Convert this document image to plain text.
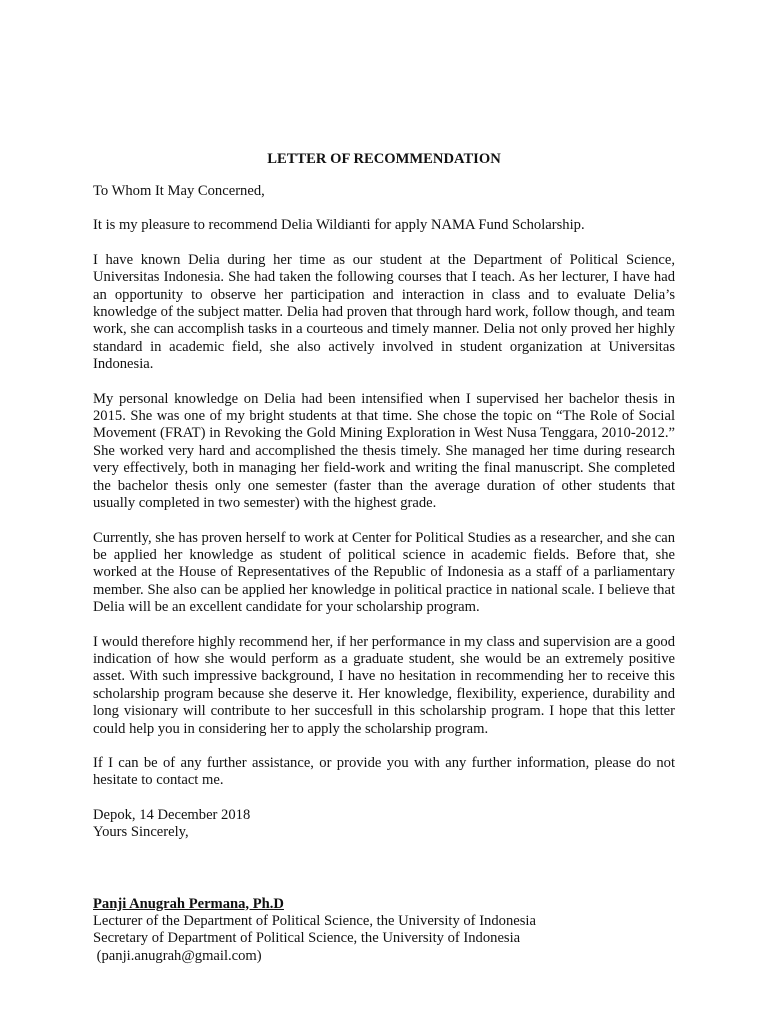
LETTER OF RECOMMENDATION
To Whom It May Concerned,
It is my pleasure to recommend Delia Wildianti for apply NAMA Fund Scholarship.
I have known Delia during her time as our student at the Department of Political Science, Universitas Indonesia. She had taken the following courses that I teach. As her lecturer, I have had an opportunity to observe her participation and interaction in class and to evaluate Delia’s knowledge of the subject matter. Delia had proven that through hard work, follow though, and team work, she can accomplish tasks in a courteous and timely manner. Delia not only proved her highly standard in academic field, she also actively involved in student organization at Universitas Indonesia.
My personal knowledge on Delia had been intensified when I supervised her bachelor thesis in 2015. She was one of my bright students at that time. She chose the topic on “The Role of Social Movement (FRAT) in Revoking the Gold Mining Exploration in West Nusa Tenggara, 2010-2012.” She worked very hard and accomplished the thesis timely. She managed her time during research very effectively, both in managing her field-work and writing the final manuscript. She completed the bachelor thesis only one semester (faster than the average duration of other students that usually completed in two semester) with the highest grade.
Currently, she has proven herself to work at Center for Political Studies as a researcher, and she can be applied her knowledge as student of political science in academic fields. Before that, she worked at the House of Representatives of the Republic of Indonesia as a staff of a parliamentary member. She also can be applied her knowledge in political practice in national scale. I believe that Delia will be an excellent candidate for your scholarship program.
I would therefore highly recommend her, if her performance in my class and supervision are a good indication of how she would perform as a graduate student, she would be an extremely positive asset. With such impressive background, I have no hesitation in recommending her to receive this scholarship program because she deserve it. Her knowledge, flexibility, experience, durability and long visionary will contribute to her succesfull in this scholarship program. I hope that this letter could help you in considering her to apply the scholarship program.
If I can be of any further assistance, or provide you with any further information, please do not hesitate to contact me.
Depok, 14 December 2018
Yours Sincerely,
Panji Anugrah Permana, Ph.D
Lecturer of the Department of Political Science, the University of Indonesia
Secretary of Department of Political Science, the University of Indonesia
(panji.anugrah@gmail.com)
